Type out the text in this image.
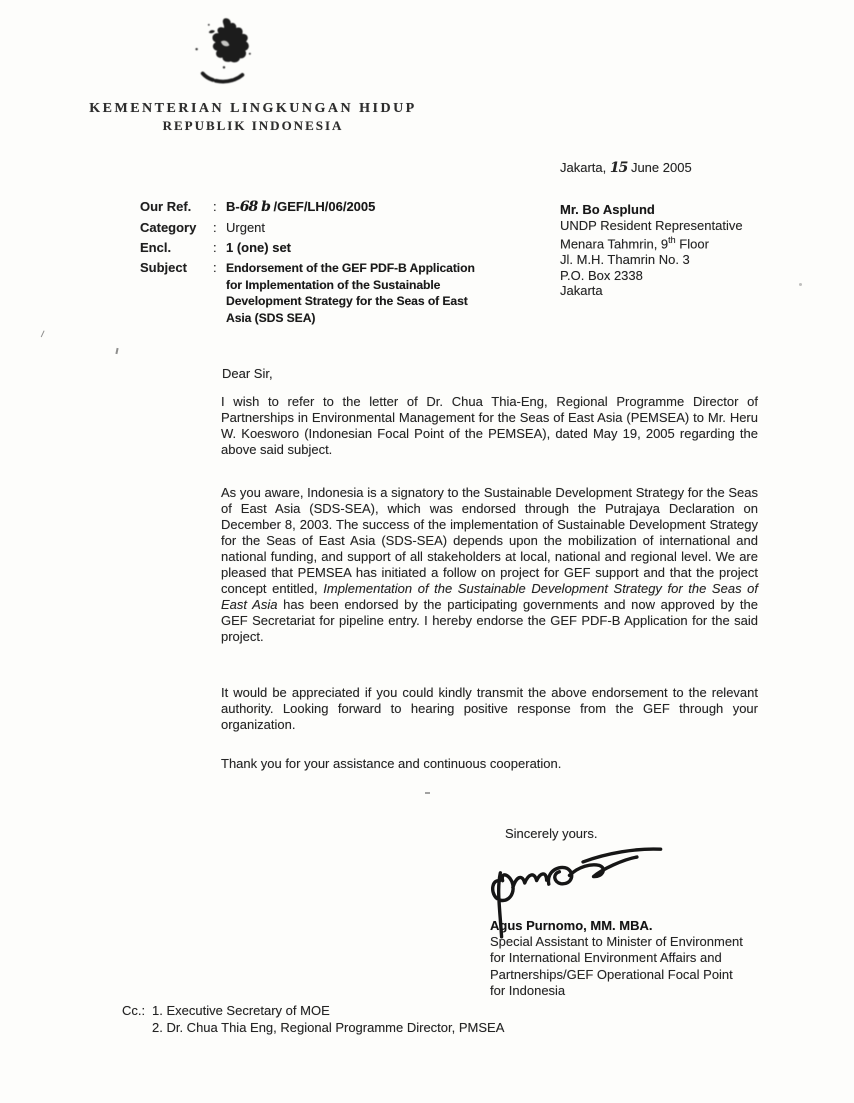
KEMENTERIAN LINGKUNGAN HIDUP
REPUBLIK INDONESIA
Jakarta, 15 June 2005
Our Ref.	: B-68 b /GEF/LH/06/2005
Category	: Urgent
Encl.	: 1 (one) set
Subject	: Endorsement of the GEF PDF-B Application for Implementation of the Sustainable Development Strategy for the Seas of East Asia (SDS SEA)
Mr. Bo Asplund
UNDP Resident Representative
Menara Tahmrin, 9th Floor
Jl. M.H. Thamrin No. 3
P.O. Box 2338
Jakarta
Dear Sir,

I wish to refer to the letter of Dr. Chua Thia-Eng, Regional Programme Director of Partnerships in Environmental Management for the Seas of East Asia (PEMSEA) to Mr. Heru W. Koesworo (Indonesian Focal Point of the PEMSEA), dated May 19, 2005 regarding the above said subject.

As you aware, Indonesia is a signatory to the Sustainable Development Strategy for the Seas of East Asia (SDS-SEA), which was endorsed through the Putrajaya Declaration on December 8, 2003. The success of the implementation of Sustainable Development Strategy for the Seas of East Asia (SDS-SEA) depends upon the mobilization of international and national funding, and support of all stakeholders at local, national and regional level. We are pleased that PEMSEA has initiated a follow on project for GEF support and that the project concept entitled, Implementation of the Sustainable Development Strategy for the Seas of East Asia has been endorsed by the participating governments and now approved by the GEF Secretariat for pipeline entry. I hereby endorse the GEF PDF-B Application for the said project.

It would be appreciated if you could kindly transmit the above endorsement to the relevant authority. Looking forward to hearing positive response from the GEF through your organization.

Thank you for your assistance and continuous cooperation.

Sincerely yours.
Agus Purnomo, MM. MBA.
Special Assistant to Minister of Environment
for International Environment Affairs and
Partnerships/GEF Operational Focal Point
for Indonesia
Cc.: 1. Executive Secretary of MOE
2. Dr. Chua Thia Eng, Regional Programme Director, PMSEA
